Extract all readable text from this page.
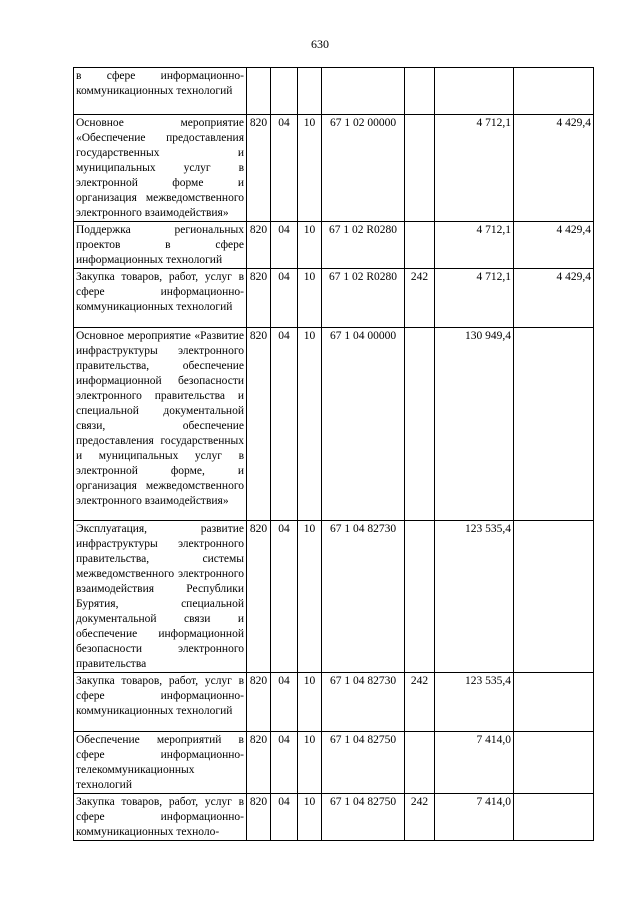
630
в сфере информационно-коммуникационных технологий							
Основное мероприятие «Обеспечение предоставления государственных и муниципальных услуг в электронной форме и организация межведомственного электронного взаимодействия»	820	04	10	67 1 02 00000		4 712,1	4 429,4
Поддержка региональных проектов в сфере информационных технологий	820	04	10	67 1 02 R0280		4 712,1	4 429,4
Закупка товаров, работ, услуг в сфере информационно-коммуникационных технологий	820	04	10	67 1 02 R0280	242	4 712,1	4 429,4
Основное мероприятие «Развитие инфраструктуры электронного правительства, обеспечение информационной безопасности электронного правительства и специальной документальной связи, обеспечение предоставления государственных и муниципальных услуг в электронной форме, и организация межведомственного электронного взаимодействия»	820	04	10	67 1 04 00000		130 949,4	
Эксплуатация, развитие инфраструктуры электронного правительства, системы межведомственного электронного взаимодействия Республики Бурятия, специальной документальной связи и обеспечение информационной безопасности электронного правительства	820	04	10	67 1 04 82730		123 535,4	
Закупка товаров, работ, услуг в сфере информационно-коммуникационных технологий	820	04	10	67 1 04 82730	242	123 535,4	
Обеспечение мероприятий в сфере информационно-телекоммуникационных технологий	820	04	10	67 1 04 82750		7 414,0	
Закупка товаров, работ, услуг в сфере информационно-коммуникационных техноло-	820	04	10	67 1 04 82750	242	7 414,0	
